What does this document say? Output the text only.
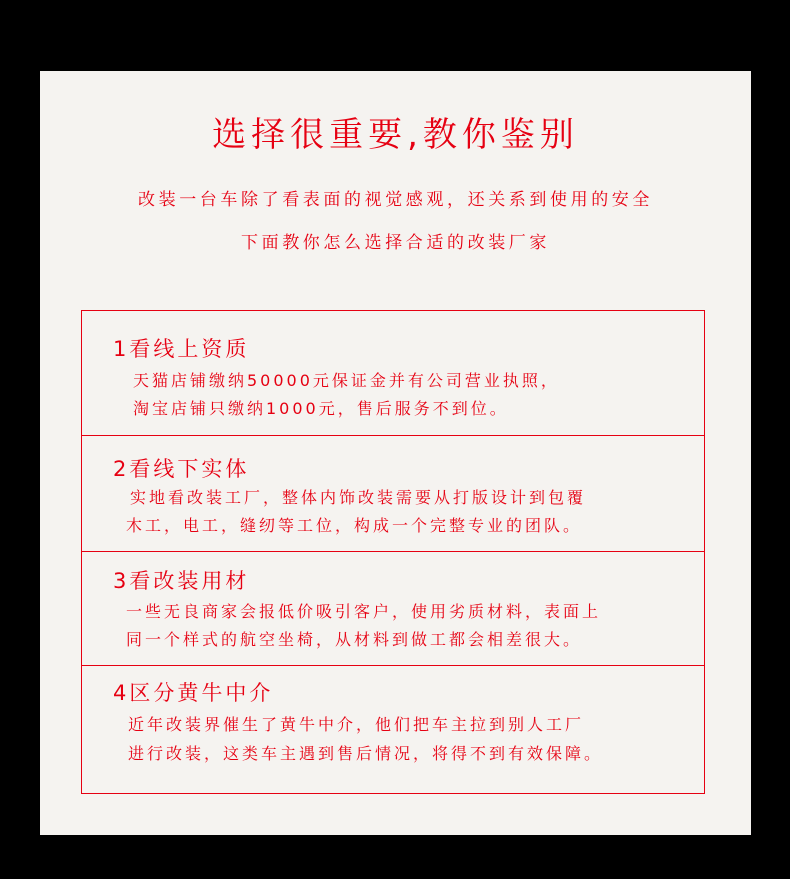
选择很重要,教你鉴别
改装一台车除了看表面的视觉感观，还关系到使用的安全
下面教你怎么选择合适的改装厂家
1看线上资质
天猫店铺缴纳50000元保证金并有公司营业执照，
淘宝店铺只缴纳1000元，售后服务不到位。
2看线下实体
实地看改装工厂，整体内饰改装需要从打版设计到包覆
木工，电工，缝纫等工位，构成一个完整专业的团队。
3看改装用材
一些无良商家会报低价吸引客户，使用劣质材料，表面上
同一个样式的航空坐椅，从材料到做工都会相差很大。
4区分黄牛中介
近年改装界催生了黄牛中介，他们把车主拉到别人工厂
进行改装，这类车主遇到售后情况，将得不到有效保障。
